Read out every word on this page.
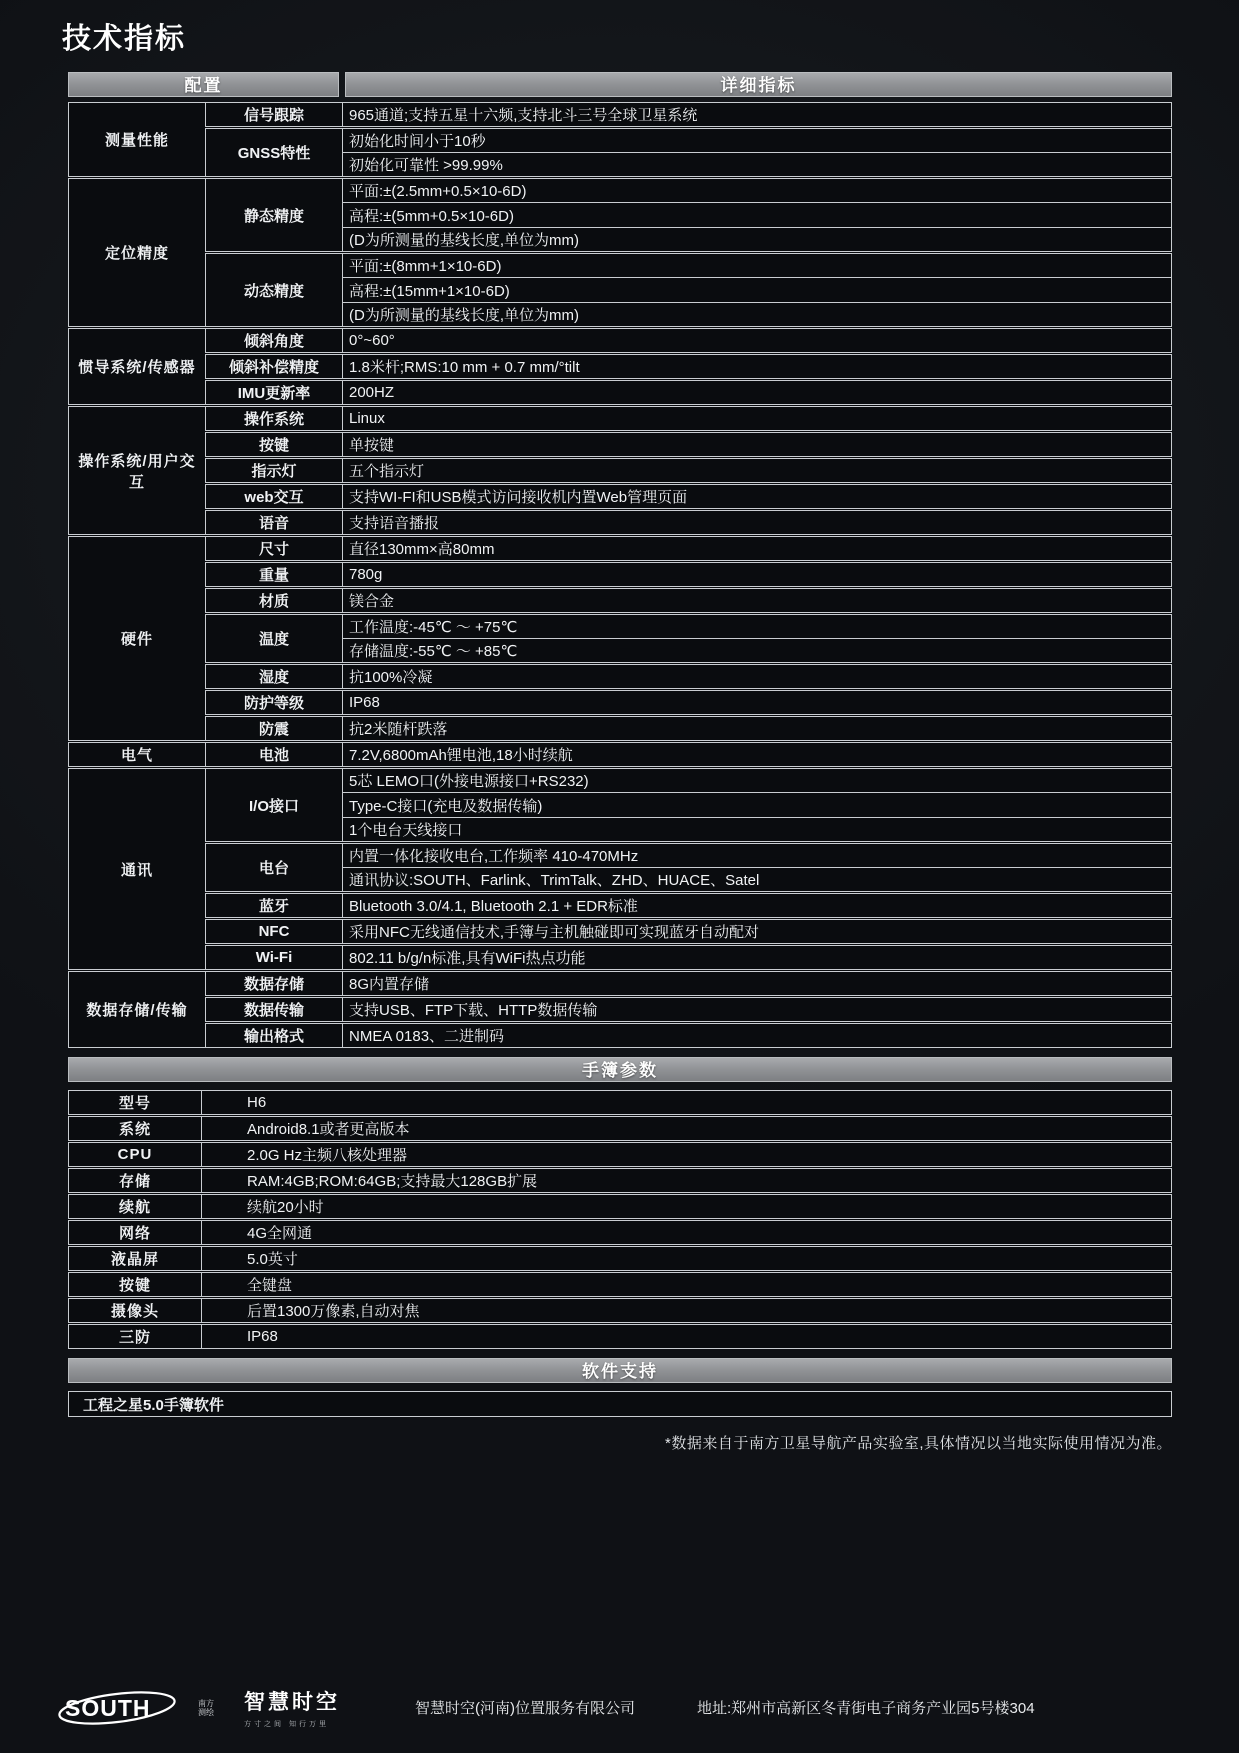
技术指标
配置	详细指标
测量性能	信号跟踪	965通道;支持五星十六频,支持北斗三号全球卫星系统
	GNSS特性	初始化时间小于10秒
		初始化可靠性 >99.99%
定位精度	静态精度	平面:±(2.5mm+0.5×10-6D)
		高程:±(5mm+0.5×10-6D)
		(D为所测量的基线长度,单位为mm)
	动态精度	平面:±(8mm+1×10-6D)
		高程:±(15mm+1×10-6D)
		(D为所测量的基线长度,单位为mm)
惯导系统/传感器	倾斜角度	0°~60°
	倾斜补偿精度	1.8米杆;RMS:10 mm + 0.7 mm/°tilt
	IMU更新率	200HZ
操作系统/用户交互	操作系统	Linux
	按键	单按键
	指示灯	五个指示灯
	web交互	支持WI-FI和USB模式访问接收机内置Web管理页面
	语音	支持语音播报
硬件	尺寸	直径130mm×高80mm
	重量	780g
	材质	镁合金
	温度	工作温度:-45℃ ～ +75℃
		存储温度:-55℃ ～ +85℃
	湿度	抗100%冷凝
	防护等级	IP68
	防震	抗2米随杆跌落
电气	电池	7.2V,6800mAh锂电池,18小时续航
通讯	I/O接口	5芯 LEMO口(外接电源接口+RS232)
		Type-C接口(充电及数据传输)
		1个电台天线接口
	电台	内置一体化接收电台,工作频率 410-470MHz
		通讯协议:SOUTH、Farlink、TrimTalk、ZHD、HUACE、Satel
	蓝牙	Bluetooth 3.0/4.1, Bluetooth 2.1 + EDR标准
	NFC	采用NFC无线通信技术,手簿与主机触碰即可实现蓝牙自动配对
	Wi-Fi	802.11 b/g/n标准,具有WiFi热点功能
数据存储/传输	数据存储	8G内置存储
	数据传输	支持USB、FTP下载、HTTP数据传输
	输出格式	NMEA 0183、二进制码
手簿参数
型号	H6
系统	Android8.1或者更高版本
CPU	2.0G Hz主频八核处理器
存储	RAM:4GB;ROM:64GB;支持最大128GB扩展
续航	续航20小时
网络	4G全网通
液晶屏	5.0英寸
按键	全键盘
摄像头	后置1300万像素,自动对焦
三防	IP68
软件支持
工程之星5.0手簿软件
*数据来自于南方卫星导航产品实验室,具体情况以当地实际使用情况为准。
SOUTH	南方
测绘 智慧时空
方寸之间 知行万里
智慧时空(河南)位置服务有限公司	地址:郑州市高新区冬青街电子商务产业园5号楼304
